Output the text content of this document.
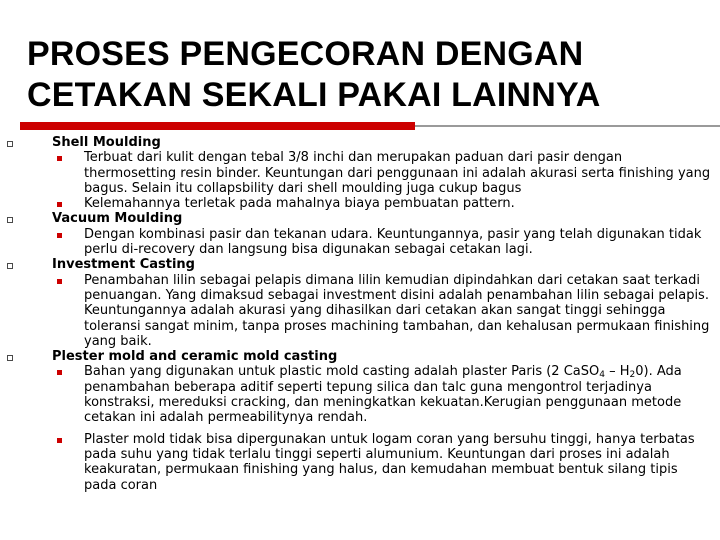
PROSES PENGECORAN DENGAN
CETAKAN SEKALI PAKAI LAINNYA
Shell Moulding
Terbuat dari kulit dengan tebal 3/8 inchi dan merupakan paduan dari pasir dengan thermosetting resin binder. Keuntungan dari penggunaan ini adalah akurasi serta finishing yang bagus. Selain itu collapsbility dari shell moulding juga cukup bagus
Kelemahannya terletak pada mahalnya biaya pembuatan pattern.
Vacuum Moulding
Dengan kombinasi pasir dan tekanan udara. Keuntungannya, pasir yang telah digunakan tidak perlu di-recovery dan langsung bisa digunakan sebagai cetakan lagi.
Investment Casting
Penambahan lilin sebagai pelapis dimana lilin kemudian dipindahkan dari cetakan saat terkadi penuangan. Yang dimaksud sebagai investment disini adalah penambahan lilin sebagai pelapis. Keuntungannya adalah akurasi yang dihasilkan dari cetakan akan sangat tinggi sehingga toleransi sangat minim, tanpa proses machining tambahan, dan kehalusan permukaan finishing yang baik.
Plester mold and ceramic mold casting
Bahan yang digunakan untuk plastic mold casting adalah plaster Paris (2 CaSO$_4$ – $H_20$). Ada penambahan beberapa aditif seperti tepung silica dan talc guna mengontrol terjadinya konstraksi, mereduksi cracking, dan meningkatkan kekuatan.Kerugian penggunaan metode cetakan ini adalah permeabilitynya rendah.
Plaster mold tidak bisa dipergunakan untuk logam coran yang bersuhu tinggi, hanya terbatas pada suhu yang tidak terlalu tinggi seperti alumunium. Keuntungan dari proses ini adalah keakuratan, permukaan finishing yang halus, dan kemudahan membuat bentuk silang tipis pada coran
